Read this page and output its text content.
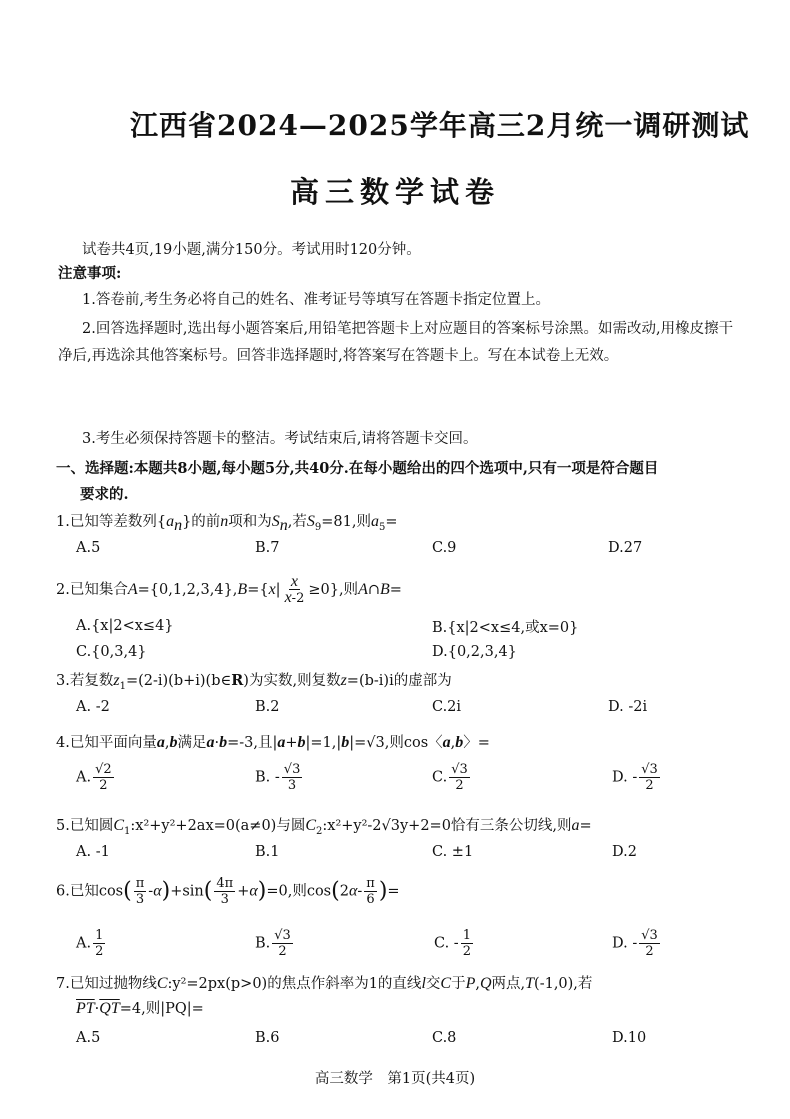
江西省2024—2025学年高三2月统一调研测试
高三数学试卷
试卷共4页,19小题,满分150分。考试用时120分钟。
注意事项:
1.答卷前,考生务必将自己的姓名、准考证号等填写在答题卡指定位置上。
2.回答选择题时,选出每小题答案后,用铅笔把答题卡上对应题目的答案标号涂黑。如需改动,用橡皮擦干净后,再选涂其他答案标号。回答非选择题时,将答案写在答题卡上。写在本试卷上无效。
3.考生必须保持答题卡的整洁。考试结束后,请将答题卡交回。
一、选择题:本题共8小题,每小题5分,共40分.在每小题给出的四个选项中,只有一项是符合题目
要求的.
1.已知等差数列$\{a_n\}$的前n项和为$S_n$,若$S_9=81$,则$a_5=$
A.5	B.7	C.9	D.27
2.已知集合$A=\{0,1,2,3,4\},B=\{x| \frac{x}{x-2} \ge 0\}$,则A∩B=
A.{x|2<x≤4}	B.{x|2<x≤4,或x=0}
C.{0,3,4}	D.{0,2,3,4}
3.若复数$z_1=(2-i)(b+i)(b\in R)$为实数,则复数z=(b-i)i的虚部为
A. -2	B.2	C.2i	D. -2i
4.已知平面向量a,b满足a·b=-3,且|a+b|=1,|b|=√3,则cos〈a,b〉=
A. $\frac{√2}{2}$	B. - $\frac{√3}{3}$	C. $\frac{√3}{2}$	D. - $\frac{√3}{2}$
5.已知圆$C_1:x^2+y^2+2ax=0(a\ne 0)$与圆$C_2:x^2+y^2-2√3y+2=0$恰有三条公切线,则a=
A. -1	B.1	C. ±1	D.2
6.已知$\cos( \frac{\pi}{3} -\alpha)+\sin( \frac{4\pi}{3} +\alpha)=0$,则$\cos(2\alpha- \frac{\pi}{6}$ )=
A. $\frac{1}{2}$	B. $\frac{√3}{2}$	C. - $\frac{1}{2}$	D. - $\frac{√3}{2}$
7.已知过抛物线C:y²=2px(p>0)的焦点作斜率为1的直线l交C于P,Q两点,T(-1,0),若
$\overline{PT}\cdot\overline{QT}=4$,则|PQ|=
A.5	B.6	C.8	D.10
高三数学　第1页(共4页)
